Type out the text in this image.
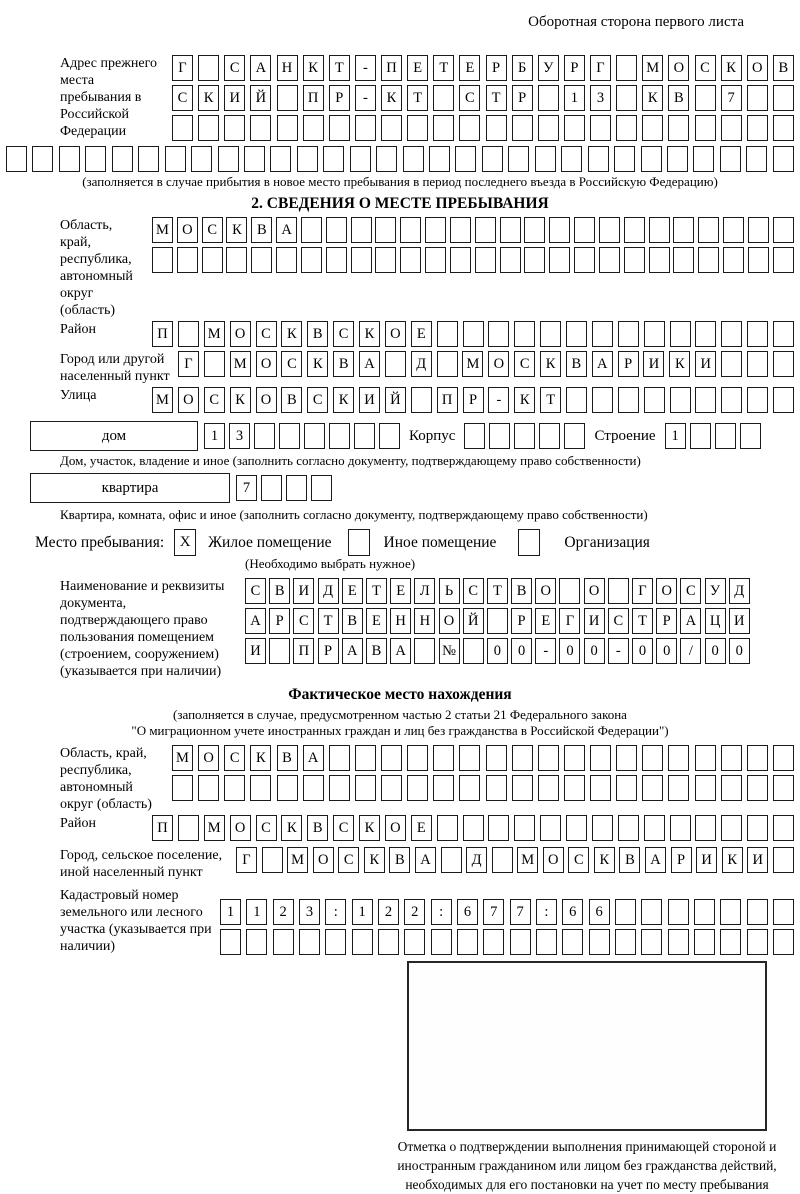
Оборотная сторона первого листа
Адрес прежнего места пребывания в Российской Федерации
Г	С	А	Н	К	Т	-	П	Е	Т	Е	Р	Б	У	Р	Г	М О	С	К	О	В
С	К	И	Й	П	Р	-	К	Т	С	Т	Р	1	3	К	В	7
(заполняется в случае прибытия в новое место пребывания в период последнего въезда в Российскую Федерацию)
2. СВЕДЕНИЯ О МЕСТЕ ПРЕБЫВАНИЯ
Область, край, республика, автономный округ (область)
М О	С	К	В	А
Район	П	М О	С	К	В	С	К	О	Е
Город или другой населенный пункт
Г	М О	С	К	В	А	Д	М О	С	К	В	А	Р	И	К	И
Улица	М О	С	К	О	В	С	К	И	Й	П	Р	-	К	Т
дом	1	3	Корпус	Строение	1
Дом, участок, владение и иное (заполнить согласно документу, подтверждающему право собственности)
квартира	7
Квартира, комната, офис и иное (заполнить согласно документу, подтверждающему право собственности)
Место пребывания:	X	Жилое помещение	Иное помещение	Организация
(Необходимо выбрать нужное)
Наименование и реквизиты документа, подтверждающего право пользования помещением (строением, сооружением) (указывается при наличии)
С	В И Д	Е	Т	Е	Л	Ь	С	Т	В О	О	Г	О С У Д
А	Р	С	Т	В	Е	Н Н О Й	Р	Е	Г	И С	Т	Р	А Ц И
И	П	Р	А В А	№	0	0	-	0	0	-	0	0	/	0	0
Фактическое место нахождения
(заполняется в случае, предусмотренном частью 2 статьи 21 Федерального закона
"О миграционном учете иностранных граждан и лиц без гражданства в Российской Федерации")
Область, край, республика, автономный округ (область)
М О	С	К	В	А
Район	П	М О	С	К	В	С	К	О	Е
Город, сельское поселение, иной населенный пункт
Г	М О	С	К	В	А	Д	М О	С	К	В	А	Р	И	К	И
Кадастровый номер земельного или лесного участка (указывается при наличии)
1	1	2	3	:	1	2	2	:	6	7	7	:	6	6
Отметка о подтверждении выполнения принимающей стороной и иностранным гражданином или лицом без гражданства действий, необходимых для его постановки на учет по месту пребывания
